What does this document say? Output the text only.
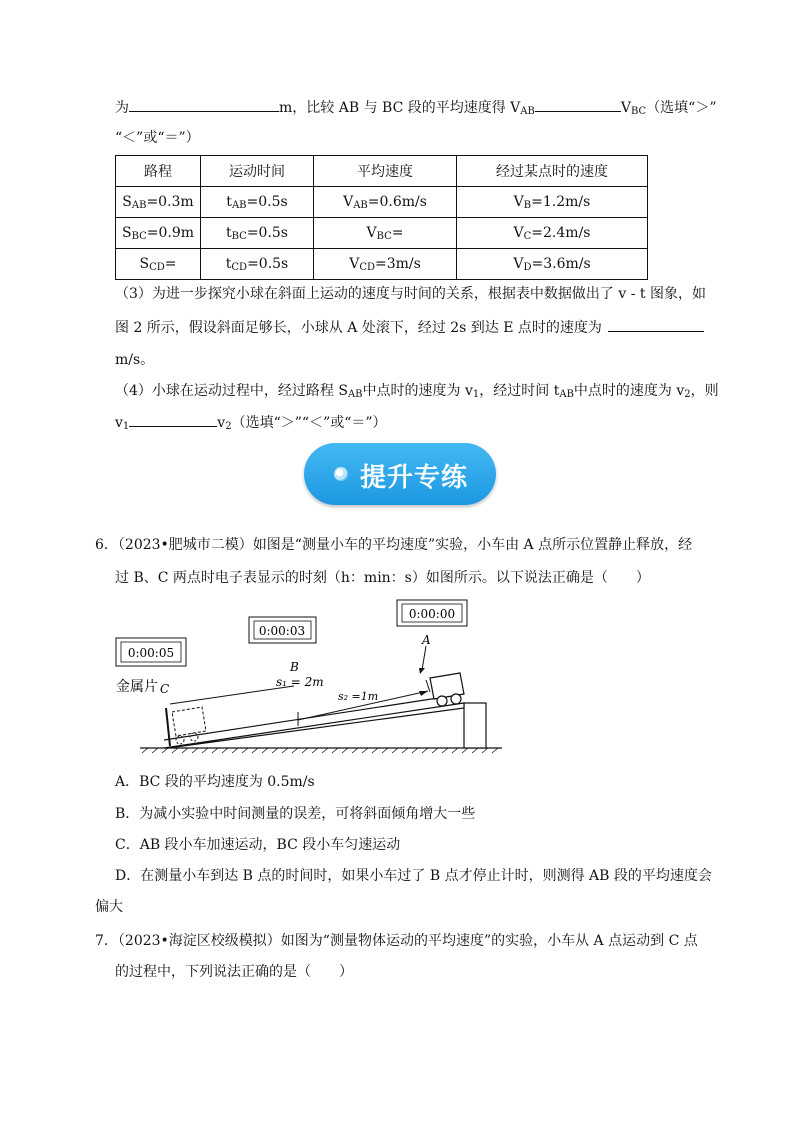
为	m，比较 AB 与 BC 段的平均速度得 $V_{AB}$	$V_{BC}$（选填“＞”
“＜”或“＝”）
路程	运动时间	平均速度	经过某点时的速度
$S_{AB}=0.3m$	$t_{AB}=0.5s$	$V_{AB}=0.6m/s$	$V_B=1.2m/s$
$S_{BC}=0.9m$	$t_{BC}=0.5s$	$V_{BC}=$	$V_C=2.4m/s$
$S_{CD}=$	$t_{CD}=0.5s$	$V_{CD}=3m/s$	$V_D=3.6m/s$
（3）为进一步探究小球在斜面上运动的速度与时间的关系，根据表中数据做出了 v - t 图象，如
图 2 所示，假设斜面足够长，小球从 A 处滚下，经过 2s 到达 E 点时的速度为
m/s。
（4）小球在运动过程中，经过路程 $S_{AB}$中点时的速度为 $v_1$，经过时间 $t_{AB}$中点时的速度为 $v_2$，则
$v_1$	$v_2$（选填“＞”“＜”或“＝”）
提升专练
6．（2023•肥城市二模）如图是“测量小车的平均速度”实验，小车由 A 点所示位置静止释放，经
过 B、C 两点时电子表显示的时刻（h：min：s）如图所示。以下说法正确是（　　）
0:00:00
0:00:03
0:00:05
A
B
s₁ = 2m
s₂ =1m
金属片 C
A．BC 段的平均速度为 0.5m/s
B．为减小实验中时间测量的误差，可将斜面倾角增大一些
C．AB 段小车加速运动，BC 段小车匀速运动
D．在测量小车到达 B 点的时间时，如果小车过了 B 点才停止计时，则测得 AB 段的平均速度会
偏大
7．（2023•海淀区校级模拟）如图为“测量物体运动的平均速度”的实验，小车从 A 点运动到 C 点
的过程中，下列说法正确的是（　　）
